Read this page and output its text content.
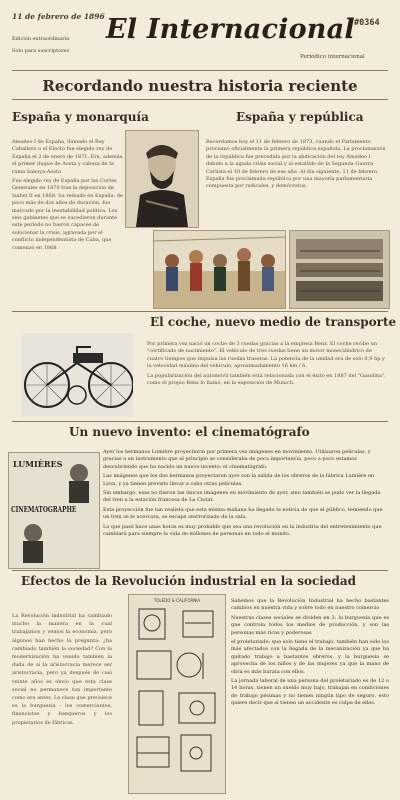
11 de febrero de 1896
Edición extraordinaria
Solo para suscriptores
El Internacional #0364
Periódico internacional
Recordando nuestra historia reciente
España y monarquía

Amadeo I de España, llamado el Rey Caballero o el Electo fue elegido rey de España el 2 de enero de 1871. Era, además, el primer duque de Aosta y cabeza de la rama Saboya-Aosta

Fue elegido rey de España por las Cortes Generales en 1870 tras la deposición de Isabel II en 1868. Su reinado en España, de poco más de dos años de duración, fue marcado por la inestabilidad política. Los seis gabinetes que se sucedieron durante este período no fueron capaces de solucionar la crisis, agravada por el conflicto independentista de Cuba, que comenzó en 1868.

España y república
Recordamos hoy el 11 de febrero de 1873, cuando el Parlamento proclamó oficialmente la primera república española. La proclamación de la república fue precedida por la abdicación del rey Amadeo I debido a la aguda crisis social y al estallido de la Segunda Guerra Carlista el 10 de febrero de ese año. Al día siguiente, 11 de febrero, España fue proclamada república por una mayoría parlamentaria compuesta por radicales, y demócratas.
El coche, nuevo medio de transporte

Por primera vez nació un coche de 3 ruedas gracias a la empresa Benz. El coche recibe un "certificado de nacimiento". El vehículo de tres ruedas tiene un motor monocilíndrico de cuatro tiempos que impulsa las ruedas traseras. La potencia de la unidad era de solo 0,9 hp y la velocidad máxima del vehículo, aproximadamente 16 km / h.

La popularización del automóvil también está relacionada con el éxito en 1887 del "Gasolina", como el propio Benz lo llamó, en la exposición de Munich.

Un nuevo invento: el cinematógrafo
LUMIÈRES
CINEMATOGRAPHE

Ayer los hermanos Lumière proyectaron por primera vez imágenes en movimiento. Utilizaron películas, y gracias a un instrumento que al principio se consideraba de poca importancia, poco a poco estamos descubriendo que ha nacido un nuevo invento: el cinematógrafo.

Las imágenes que los dos hermanos proyectaron ayer son la salida de los obreros de la fábrica Lumière en Lyon, y ya tienen previsto llevar a cabo otras películas.

Sin embargo, esas no fueron las únicas imágenes en movimiento de ayer, sino también se pudo ver la llegada del tren a la estación francesa de La Ciotat.

Esta proyección fue tan realista que esta misma mañana ha llegado la noticia de que el público, temiendo que un tren se le acercara, se escapó aterrorizado de la sala.

Lo que pasó hace unas horas es muy probable que sea una revolución en la industria del entretenimiento que cambiará para siempre la vida de millones de personas en todo el mundo.

Efectos de la Revolución industrial en la sociedad
La Revolución industrial ha cambiado mucho la manera en la cual trabajamos y vemos la economía, pero algunos han hecho la pregunta: ¿ha cambiado también la sociedad? Con la modernización ha venido también la duda de si la aristocracia merece ser aristocracia, pero ya después de casi veinte años es obvio que esta clase social no permanece tan importante como era antes. La clase que prevalece es la burguesía - los comerciantes, financistas y banqueros y los propietarios de fábricas.
TOLEDO & CALIFORNIA	Sabemos que la Revolución Industrial ha hecho bastantes cambios en nuestra vida y sobre todo en nuestro comercio

Nuestras clases sociales se dividen en 2: la burguesía que es que controla todos los medios de producción, y son las personas más ricas y poderosas

el proletariado: que solo tiene el trabajo, también han sido los más afectados con la llegada de la mecanización ya que ha quitado trabajo a bastantes obreros, y la burguesía se aprovecha de los niños y de las mujeres ya que la mano de obra es más barata con ellos.

La jornada laboral de una persona del proletariado es de 12 o 14 horas, tienen un sueldo muy bajo, trabajan en condiciones de trabajo pésimas y no tienen ningún tipo de seguro, esto quiere decir que si tienen un accidente es culpa de ellos.
